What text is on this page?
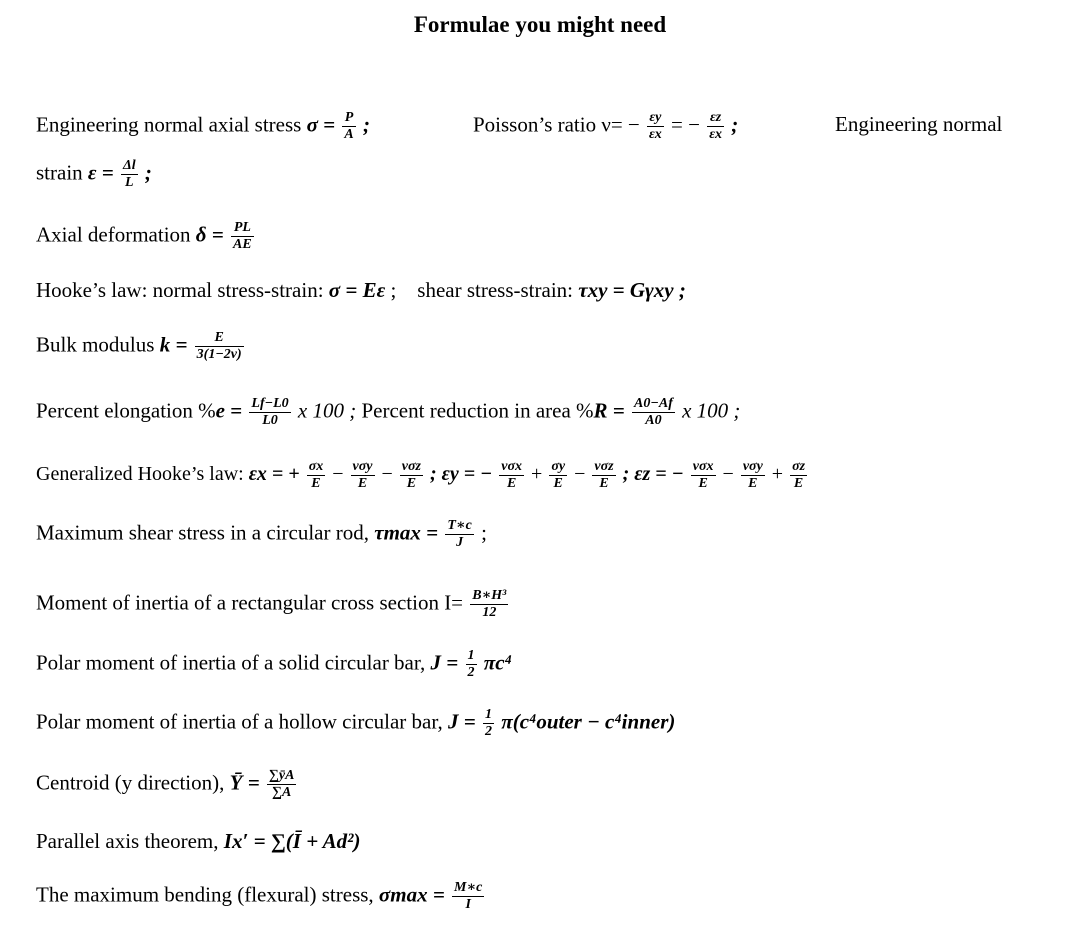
Formulae you might need
Engineering normal axial stress $\sigma = \frac{P}{A}$ ;	Poisson’s ratio $\nu= - \frac{\varepsilon y}{\varepsilon x}$ = − $\frac{\varepsilon z}{\varepsilon x}$ ;	Engineering normal
strain $\varepsilon = \frac{\Delta l}{L}$ ;
Axial deformation $\delta = \frac{PL}{AE}$
Hooke’s law: normal stress-strain: σ = Eε ; shear stress-strain: τxy = Gγxy ;
Bulk modulus $k = \frac{E}{3(1-2\nu)}$
Percent elongation $\%e = \frac{Lf-L0}{L0}$ x 100 ; Percent reduction in area $\%R = \frac{A0-Af}{A0}$ x 100 ;
Generalized Hooke’s law: εx = + $\frac{\sigma x}{E} - \frac{\text{νσy}}{E} - \frac{\text{νσz}}{E}$ ; εy = − $\frac{\text{νσx}}{E} + \frac{\sigma y}{E} - \frac{\text{νσz}}{E}$ ; εz = − $\frac{\text{νσx}}{E} - \frac{\text{νσy}}{E} + \frac{\sigma z}{E}$
Maximum shear stress in a circular rod, $\tau\max = \frac{T∗c}{J}$ ;
Moment of inertia of a rectangular cross section $I= \frac{\text{B∗H³}}{12}$
Polar moment of inertia of a solid circular bar, $J = \frac{1}{2} \pi c^4$
Polar moment of inertia of a hollow circular bar, $J = \frac{1}{2}$ π(c⁴outer − c⁴inner)
Centroid (y direction), Ȳ = $\frac{\sum ȳA}{\sum A}$
Parallel axis theorem, Ix′ = ∑(Ī + Ad²)
The maximum bending (flexural) stress, $\sigma\max = \frac{M∗c}{I}$
